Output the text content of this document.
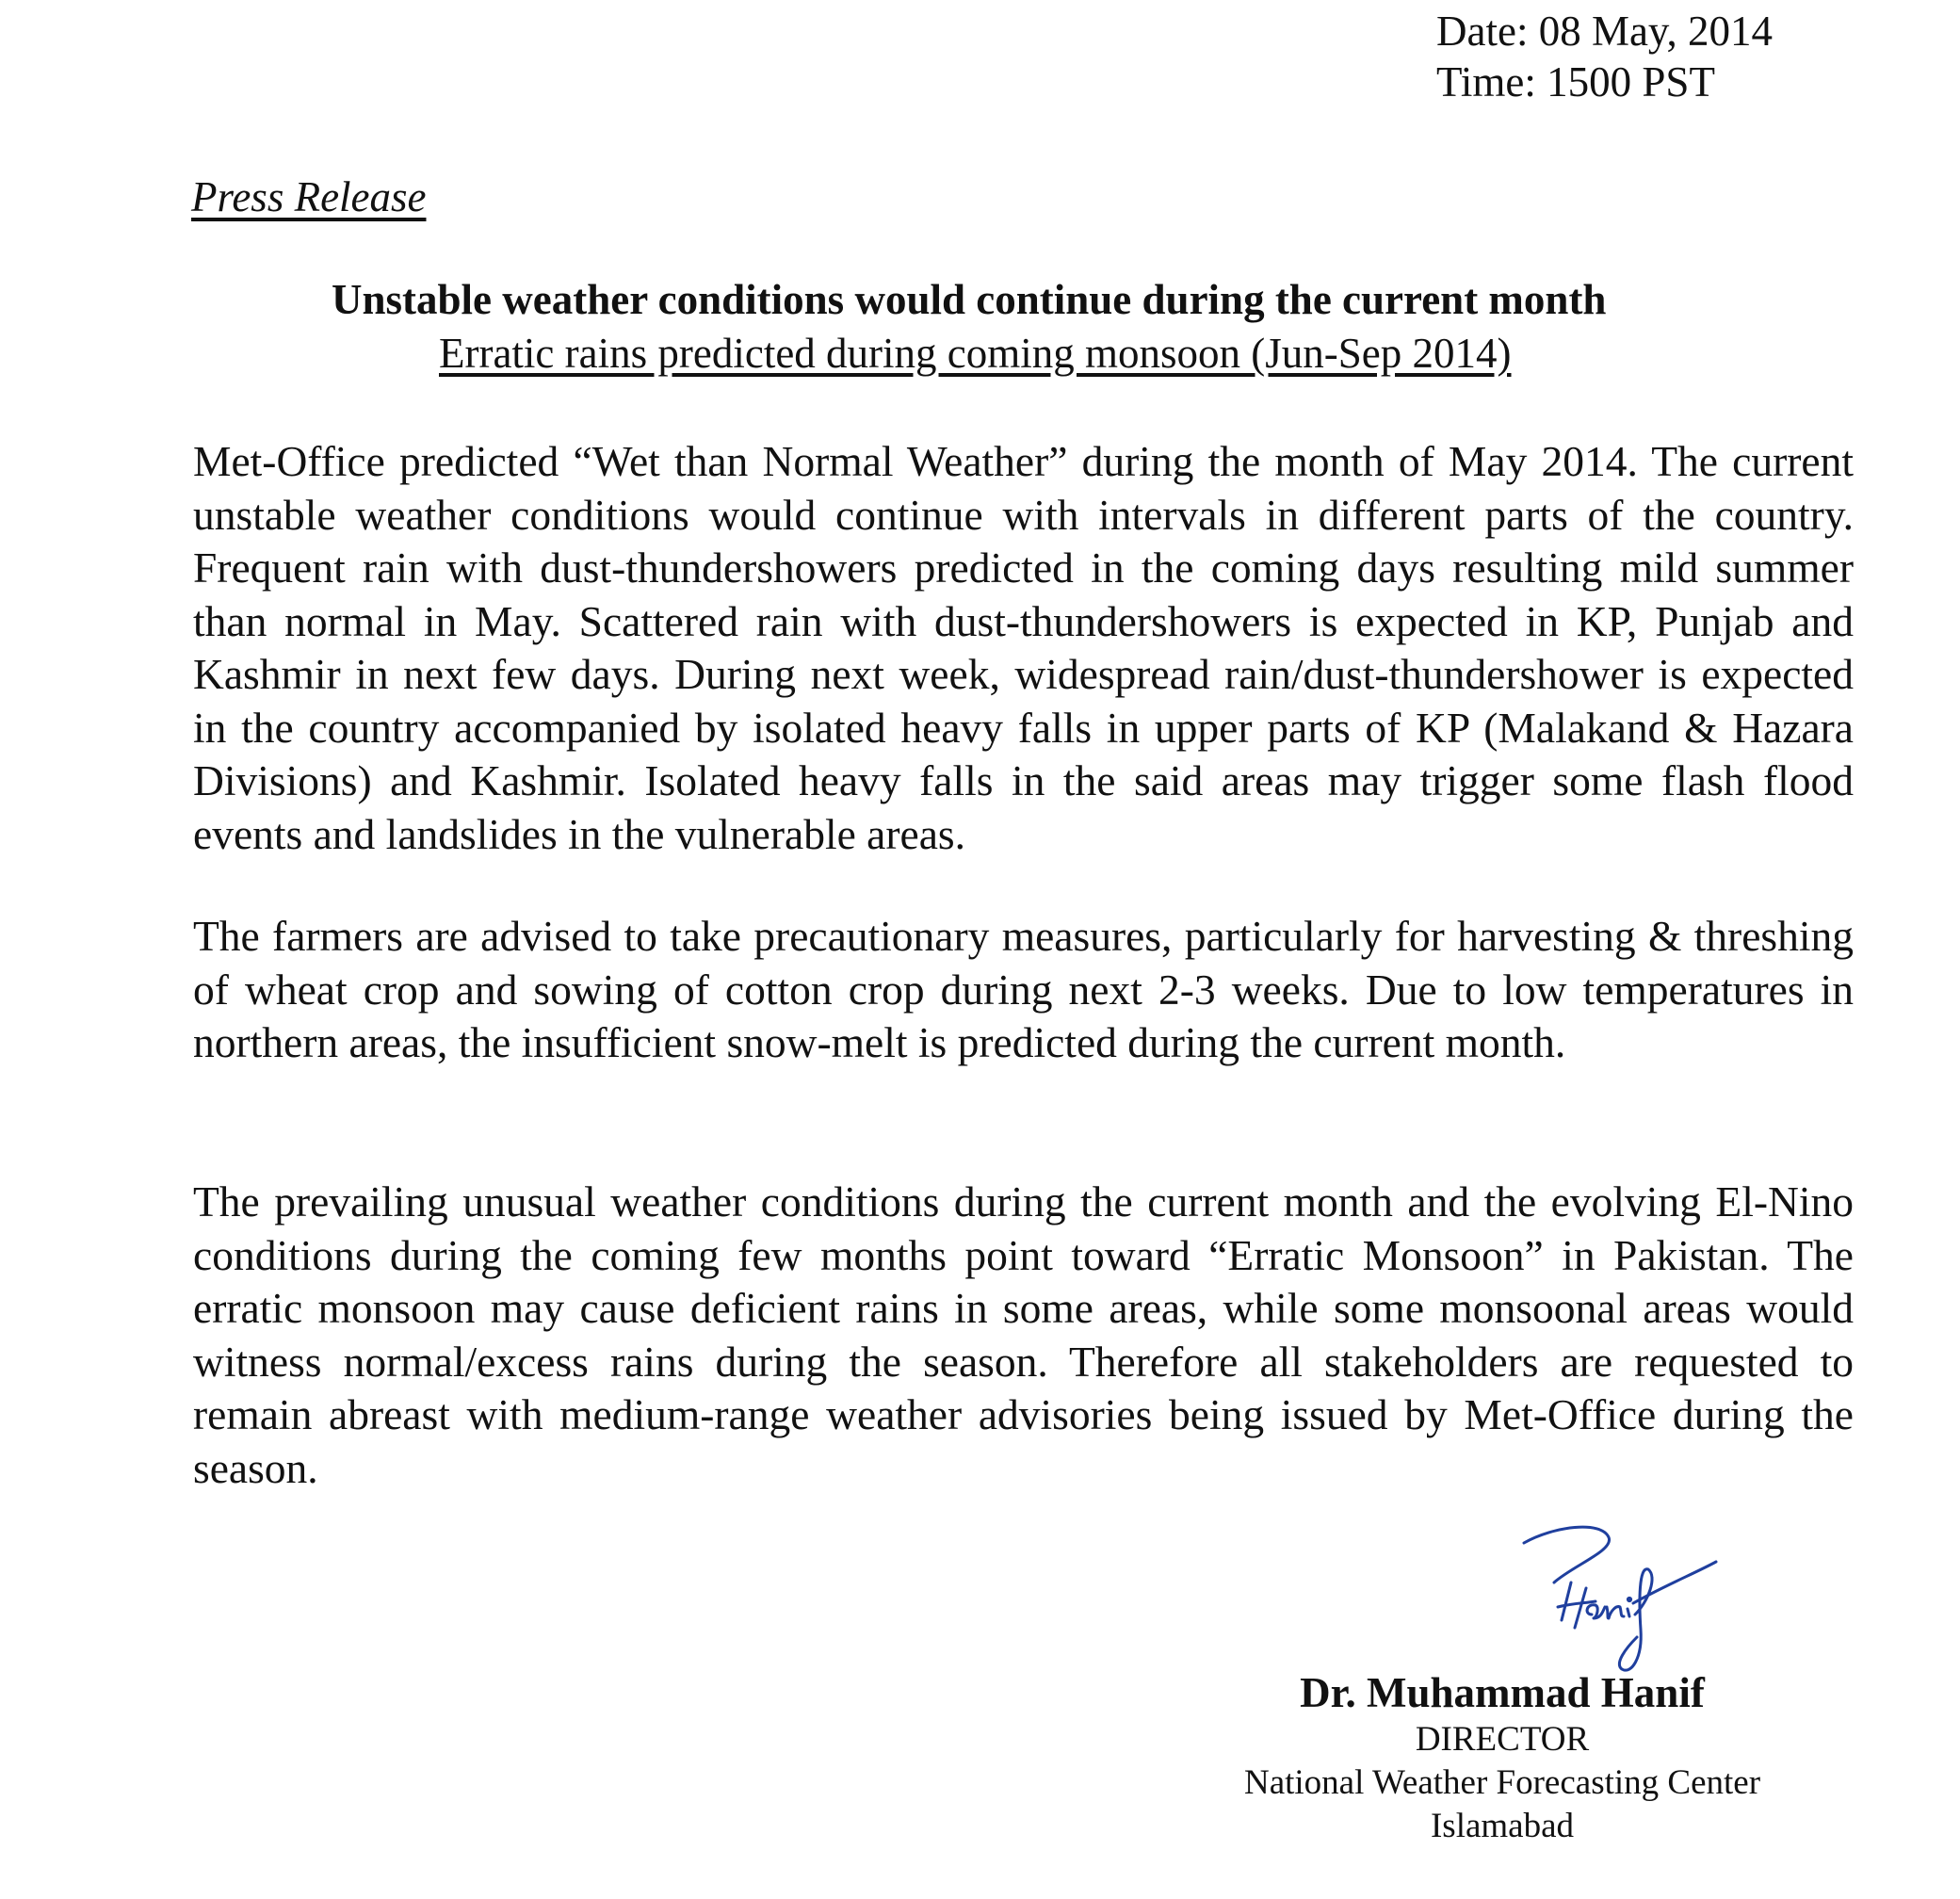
Date: 08 May, 2014
Time: 1500 PST
Press Release
Unstable weather conditions would continue during the current month
Erratic rains predicted during coming monsoon (Jun-Sep 2014)

Met-Office predicted “Wet than Normal Weather” during the month of May 2014. The current unstable weather conditions would continue with intervals in different parts of the country. Frequent rain with dust-thundershowers predicted in the coming days resulting mild summer than normal in May. Scattered rain with dust-thundershowers is expected in KP, Punjab and Kashmir in next few days. During next week, widespread rain/dust-thundershower is expected in the country accompanied by isolated heavy falls in upper parts of KP (Malakand & Hazara Divisions) and Kashmir. Isolated heavy falls in the said areas may trigger some flash flood events and landslides in the vulnerable areas.

The farmers are advised to take precautionary measures, particularly for harvesting & threshing of wheat crop and sowing of cotton crop during next 2-3 weeks. Due to low temperatures in northern areas, the insufficient snow-melt is predicted during the current month.

The prevailing unusual weather conditions during the current month and the evolving El-Nino conditions during the coming few months point toward “Erratic Monsoon” in Pakistan. The erratic monsoon may cause deficient rains in some areas, while some monsoonal areas would witness normal/excess rains during the season. Therefore all stakeholders are requested to remain abreast with medium-range weather advisories being issued by Met-Office during the season.

Dr. Muhammad Hanif
DIRECTOR
National Weather Forecasting Center
Islamabad
